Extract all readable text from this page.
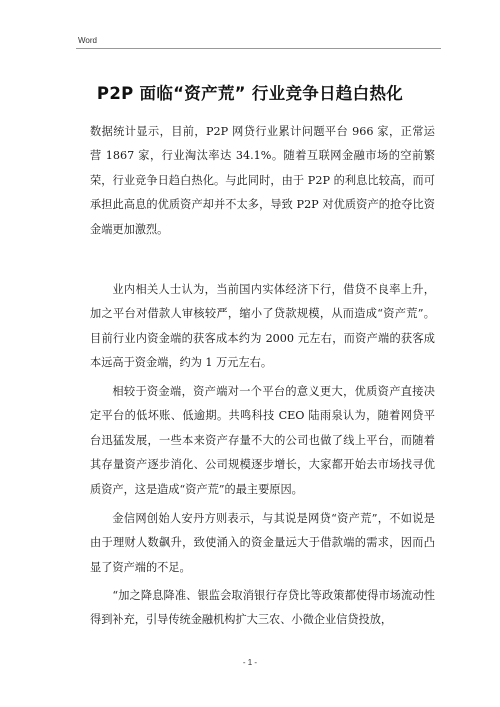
Word
P2P 面临“资产荒” 行业竞争日趋白热化
数据统计显示，目前，P2P 网贷行业累计问题平台 966 家，正常运营 1867 家，行业淘汰率达 34.1%。随着互联网金融市场的空前繁荣，行业竞争日趋白热化。与此同时，由于 P2P 的利息比较高，而可承担此高息的优质资产却并不太多，导致 P2P 对优质资产的抢夺比资金端更加激烈。
业内相关人士认为，当前国内实体经济下行，借贷不良率上升，加之平台对借款人审核较严，缩小了贷款规模，从而造成“资产荒”。目前行业内资金端的获客成本约为 2000 元左右，而资产端的获客成本远高于资金端，约为 1 万元左右。
相较于资金端，资产端对一个平台的意义更大，优质资产直接决定平台的低坏账、低逾期。共鸣科技 CEO 陆雨泉认为，随着网贷平台迅猛发展，一些本来资产存量不大的公司也做了线上平台，而随着其存量资产逐步消化、公司规模逐步增长，大家都开始去市场找寻优质资产，这是造成“资产荒”的最主要原因。
金信网创始人安丹方则表示，与其说是网贷“资产荒”，不如说是由于理财人数飙升，致使涌入的资金量远大于借款端的需求，因而凸显了资产端的不足。
“加之降息降准、银监会取消银行存贷比等政策都使得市场流动性得到补充，引导传统金融机构扩大三农、小微企业信贷投放，
- 1 -
